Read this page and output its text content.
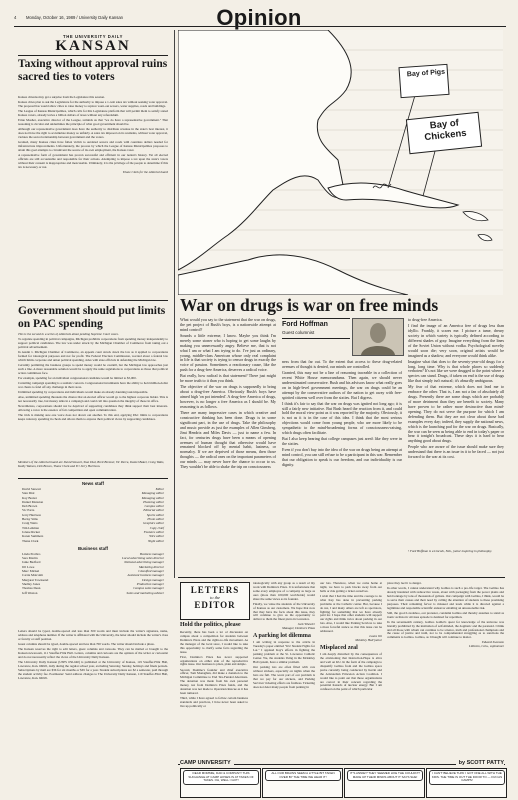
4 Monday, October 16, 1989 / University Daily Kansan	Opinion
THE UNIVERSITY DAILY
KANSAN
Taxing without approval ruins sacred ties to voters

Kansas citizens may get a surprise from the Legislature this session.

Kansas cities plan to ask the Legislature for the authority to impose a 1-cent sales tax without seeking voter approval. The proposal has would allow cities to raise money to replace worn-out sewers, water supplies, roads and buildings.

The League of Kansas Municipalities, which calls for this Legislature platform that will permit them to satisfy stated Kansas voters, already levies a billion dollars of taxes without any referendum.

Ernie Mosher, executive director of the League, reminds us that "we do have a representative government." That reasoning is circular and undermines the principle of what good government should be.

Although our representative government does have the authority to distribute revenue in the state's best interest, it does not have the right to accumulate money so unfairly. A sales tax imposed on its residents, without voter approval, violates the sacred relationship between government and the voters.

Granted, many Kansas cities have fallen victim to outdated sewers and roads with countless dollars needed for infrastructure improvements. Unfortunately, the process by which the League of Kansas Municipalities proposes to attain this goal attempts to circumvent the source of its own employment, the Kansas voter.

A representative form of government has proven successful and efficient in our nation's history. Yet all elected officials are still accountable and responsible for their actions. Attempting to impose a tax upon the state's voters without their consent is inappropriate and inexcusable. Ultimately, it is the privilege of the people to determine if this tax is necessary or not.

Thane Clark for the editorial board

Government should put limits on PAC spending

This is the second in a series of editorials about pending Supreme Court cases.

To regulate spending in political campaigns, Michigan prohibits corporations from spending money independently to support political candidates. The law was under attack by the Michigan Chamber of Commerce from taking out a political advertisement.

In Austin v. Michigan Chamber of Commerce, an appeals court struck down the law as it applied to corporations formed for ideological purposes and not for profit. The Federal Election Commission, worried about a federal law which limits corporate and union political spending, sides with state officials in defending the Michigan law.

Certainly permitting the business groups to spend money would be overkill, but the Michigan law approaches just such a line. A more reasonable solution would be to apply the same regulations to corporations as those that political action committees face.

For example, spending for an individual congressional candidate would be limited to $5,000.

Curtailing campaign spending is a realistic concern. Congressional incumbents have the ability to hold million-dollar war chests to fend off any challenge in their races.

Unlimited spending by corporations and individuals would make an already daunting task impossible.

Also, unlimited spending threatens the chance that an elected officer would go to the highest corporate bidder. This is not necessarily true, but money talks in a campaign and could call into question the integrity of those in office.

Nevertheless, corporations should not be deprived of supporting candidates they think support their best interests. Allowing a voice is the essence of fair competition and open communication.

The trick is making sure one voice does not drown out another. To this end, applying PAC limits to corporations keeps runaway spending in check and allows them to express their political views by supporting candidates.

Members of the editorial board are David Stewart, Stan Dial, Brett Brenner, Vic Parra, Daniel Baker, Craig Watts, Kathy Watson, Deb Brown, Thane Clark and Tri Jerry Harrison.
News staff
David Stewart	Editor
Stan Dial	Managing editor
Kay Bosler	Managing editor
Daniel Mansion	Planning editor
Deb Brown	Campus editor
Vic Parra	Editorial editor
Jerry Harrison	Sports editor
Becky Sims	Photo editor
Craig Watts	Graphics editor
Tim Lehman	Copy chief
Jolene Ricker	Features editor
Karen Summers	Wire editor
Thane Clark	Night editor
Business staff
Linda Prothro	Business manager
Sara Martin	Local advertising sales director
Janie Bedford	National advertising manager
Jill Lowe	Marketing director
Marc Mickel	Classified manager
Carrie Malcolm	Assistant business manager
Margaret Townsend	Design manager
Shelley Jones	Production manager
Thomas Dean	Campus sales manager
Jeff Weston	Sales and marketing adviser

Letters should be typed, double-spaced and less than 300 words and must include the writer's signature, name, address and telephone number. If the writer is affiliated with the University, the letter should include the writer's class or faculty or staff position.

Guest columns should be typed, double-spaced and less than 700 words. The writer should include a photo.

The Kansan reserves the right to edit letters, guest columns and cartoons. They can be mailed or brought to the Kansan newsroom, 111 Stauffer-Flint Hall. Letters, columns and cartoons are the opinion of the writer or cartoonist and do not necessarily reflect the views of the University Daily Kansan.

The University Daily Kansan (USPS 650-640) is published at the University of Kansas, 119 Stauffer-Flint Hall, Lawrence, Kan. 66045, daily during the regular school year, excluding Saturday, Sunday, holidays and finals periods. Subscriptions by mail are $36 for six months or $65 for a year. Student subscriptions are $2 a semester, paid through the student activity fee. Postmaster: Send address changes to The University Daily Kansan, 119 Stauffer-Flint Hall, Lawrence, Kan. 66045.

Bay of Pigs
Bay of Chickens
War on drugs is war on free minds

What would you say to the statement that the war on drugs, the pet project of Bush's boys, is a nationwide attempt at mind control?

Sounds a little extreme, I know. Maybe you think I'm merely some stoner who is hoping to get some laughs by making you unnecessarily angry. Believe me, that is not what I am or what I am trying to do. I've just as ordinary, young, middle-class American whose only real complaint in life is that society is trying to censor drugs in exactly the voice of passion. Sometimes a reactionary cause, like the push for a drug-free America, deserves a radical voice.

But really, how radical is that statement? There just might be more truth to it than you think.

The objective of the war on drugs is supposedly to bring about a drug-free America. Obviously Bush's boys have aimed high 'on pot intended'. A drug-free America of drugs, however, is no longer a free America as I should be. My reasoning is as follows.

There are many impressive cases in which creative and constructive thinking has been done. Drugs is in some significant part, in the use of drugs. Take the philosophy and music provide as just the examples of Allen Ginsberg, Jimi Hendrix and Miles Davis — just to name a few. In fact, for centuries drugs have been a means of opening avenues of human thought that otherwise would have remained blocked off by mental habit, laziness, or normalcy. If we are deprived of those means, then those thoughts — the radical ones on the important parameters of our minds — may never have the chance to occur to us. They wouldn't be able to shake the trip on consciousness

Ford Hoffman
Guest columnist

ness from that far out. To the extent that access to these drug-related avenues of thought is denied, our minds are controlled.

Granted, this may not be a line of reasoning traceable in a collection of recent White House memorandums. Then again, we should never underestimated conservative. Bush and his advisors know what really goes on in high-level government meetings, the war on drugs could be an attempt by the conservative authors of the nation to get away with free-spirited citizens well over from the sixties. But I digress.

I think it's fair to say that the war on drugs was ignited not long ago; it is still a fairly new initiative. But Bush heard the reaction from it, and could hold the moral view point as it was reported by the majority. Obviously, it is not as it is in the case of this idea. I think that the most serious objections would come from young people, who are more likely to be sympathetic to the mind-broadening forms of consciousness-raising, which drugs often facilitate.

But I also keep hearing that college campuses just aren't like they were in the sixties.

Even if you don't buy into the idea of the war on drugs being an attempt at mind control, you can still refuse to be a participant in this war. Remember that our obligation to speak is our freedom, and our individuality is our dignity.

to drug-free America.

I find the image of an America free of drugs less than idyllic. Frankly, it scares me. I picture a tame, dreary society in which variety is typically defined according to different shades of gray. Imagine everything from the lines of the Soviet Union without vodka. Psychological novelty would soon die; very soon, original artists would be imagined as a shadow; and everyone would think alike.

Imagine what that does to the seventy-year-old drugs for a long, long time. Why is that whole places so suddenly verboten? It's not like we were drugged to the point where a species can stand. Drugs, if taken on end is the use of drugs like that simply isn't natural; it's absurdly ambiguous.

My fear of that extreme, which does not lead me to embrace the other. That is, I am not a fan of absolutely all drugs. Presently there are some drugs which are probably of more detriment than they are benefit to society. Many have proven to be rather more destructive than mind-opening. They do not serve the purpose for which I am defending them. But they are not clear about those bad examples every day; indeed, they supply the national news, which is the launching pad for the war on drugs. Basically, the war can be seen as being able to end in today's paper or hear it tonight's broadcast. These days it is hard to hear anything good about drugs.

People who are aware of the issue should make sure they understand that there is an issue in it to be faced — not just forward to the war at its cost.

• Ford Hoffman is a Lincoln, Neb., junior majoring in philosophy.
LETTERS
to the
EDITOR
Hold the politics, please

Recently, there has been a lot of discussion on campus about a competition for students between Domino's Pizza and the rights-to-life movement. As the manager of the local store, I would like to take this opportunity to clarify some facts regarding the issue.

First, Domino's Pizza has never supported organizations on either side of the reproductive rights issue. Our business is pizza, plain and simple.

Second, Domino's founder and chief executive officer, Tom Monaghan, did make a donation to the Michigan Committee to End Tax-Funded Abortions. The donation was made from his own personal money, not from Domino's Pizza funds, and the donation was not made to Operation Rescue as it has been rumored.

Third, while I have agreed to follow certain business standards and practices, I have never been asked to live up politically or

ideologically with any group as a result of my work with Domino's Pizza. It is unfortunate that some every employee of a company as large as ours (more than 100,000 worldwide) would share the same views as its founder.

Finally, we value the students of the University of Kansas as our customers. We hope that now that they have the facts about this issue, they will continue to give us the opportunity to deliver to them the finest pizza in Lawrence.

Jack Wheeler
Manager, Domino's Pizza

A parking lot dilemma

I am writing in response to the article in Tuesday's paper entitled "KU Student Fights for Lot." I applaud Kay's efforts in fighting the parking problem at the St. Lawrence Catholic Center. We, the students living in the Mckinley Hall system, have a similar problem.

Our parking lots are often filled with cars without stickers, especially on nights when the bars are full. The worst part of our problem is that we pay for our stickers, and Parking Services' ticketing efforts are fruitless. Ticketing does not deter many people from parking in

our lots. Therefore, when we come home at night, we have to park blocks away from our halls or risk getting a ticket ourselves.

I wish that I had the time and the courage to do what Kay has done in preventing parking problems at the Catholic center. But, because I do not, I and many others are left as spectators, fighting for something that we have already paid for. I hope that other students will support our rights and think twice about parking in our lots. Also, I would like Parking Services to take a more forceful stance so that this issue can be addressed.

Laura Ott
Mckinley Hall junior

Misplaced zeal

I am deeply disturbed by the consequences of the envisioning that Instruction-Hope is alive and well on KU. In the form of the campaign to disqualify Galileo from and the Galileo space probe currently being conducted by Kevin and the Aristotelian Princeton Action Coalition. I would like to point out that those organizations are correct in their concern regarding the potential hazards of nuclear energy. But I am confused on the point of which particular

place they feel it to danger.

In other words, I cannot understand why Galileo is such a pro-life target. The Galileo has already insulated with radioactive waste, about with packaging from the power plants and hold tonnage by tons of thousands of gallons. Our campaign with Galileo, I think, would be to serve their causes and their need by calling the attention of students to these promising purposes. Their remaining fervor is misused and leads while it is directed against a legitimate and responsible scientific endeavor entailing an unreasonable risk.

Still, the good Lawdaboo, our protester, condemn Galileo and thereby assumes to stand as ironic as historic obvious episode is destined for repetition.

In the seventeenth century, Galileo Galilei's quest for knowledge of the universe was brutally prohibited by the institution of self-minded, the dogmatic and the paranoid. I think and all those with whom can continue to be science, truth and professional champions and the cause of justice and truth, not to be comprehended struggling as to sanctions the comments to Galileo. Galileo, as I thought will continue to matter.

Edward Swanson
Littleton, Colo., sophomore

CAMP UNIVERSITY	by SCOTT PATTY
DEAR MOMMIE, DAD & COMPANY! THIS SUCHANGE AT CAMP HOSES IS AT TAKES OF TAKES. OH, WELL I GOT!
ALL OUR BRAINS SEEM A LITTLE BIT TAKEN OVER BY THE TIME WE HEAR IT!
IT'S ANNIE!? THEY SEEMED LIKE THE COULDN'T MAKE UP THEIR MINDS ABOUT IT SAYS SHE!
I CAN'T BELIEVE THIS! I GOT ONE ALL WITH THE KIDS. THE TIME IS OUT THE DOOR TO — FUN AS CAMPS!
